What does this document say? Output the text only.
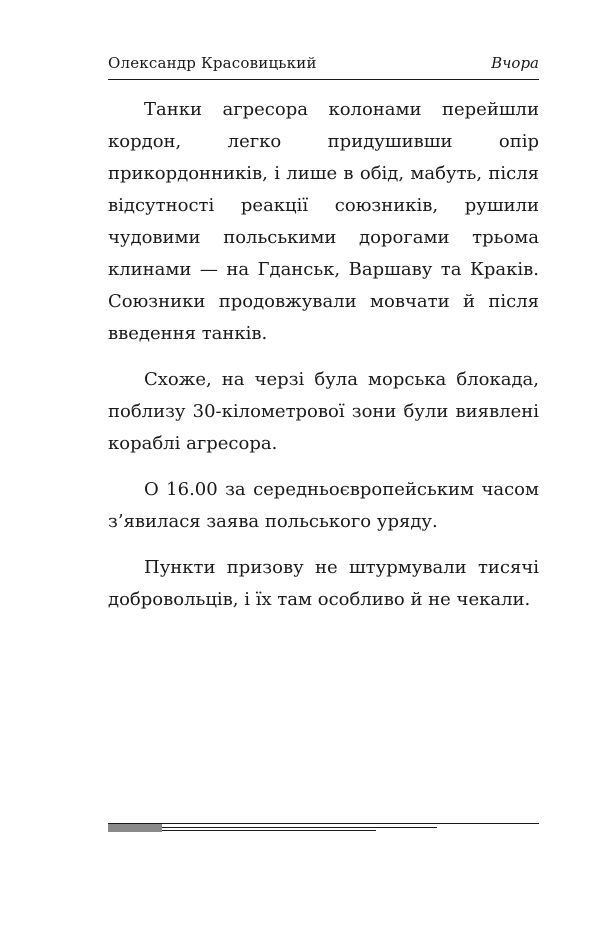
Олександр Красовицький	Вчора

Танки агресора колонами перейшли кордон, легко придушивши опір прикордонників, і лише в обід, мабуть, після відсутності реакції союзників, рушили чудовими польськими дорогами трьома клинами — на Гданськ, Варшаву та Краків. Союзники продовжували мовчати й після введення танків.

Схоже, на черзі була морська блокада, поблизу 30-кілометрової зони були виявлені кораблі агресора.

О 16.00 за середньоєвропейським часом з’явилася заява польського уряду.

Пункти призову не штурмували тисячі добровольців, і їх там особливо й не чекали.
